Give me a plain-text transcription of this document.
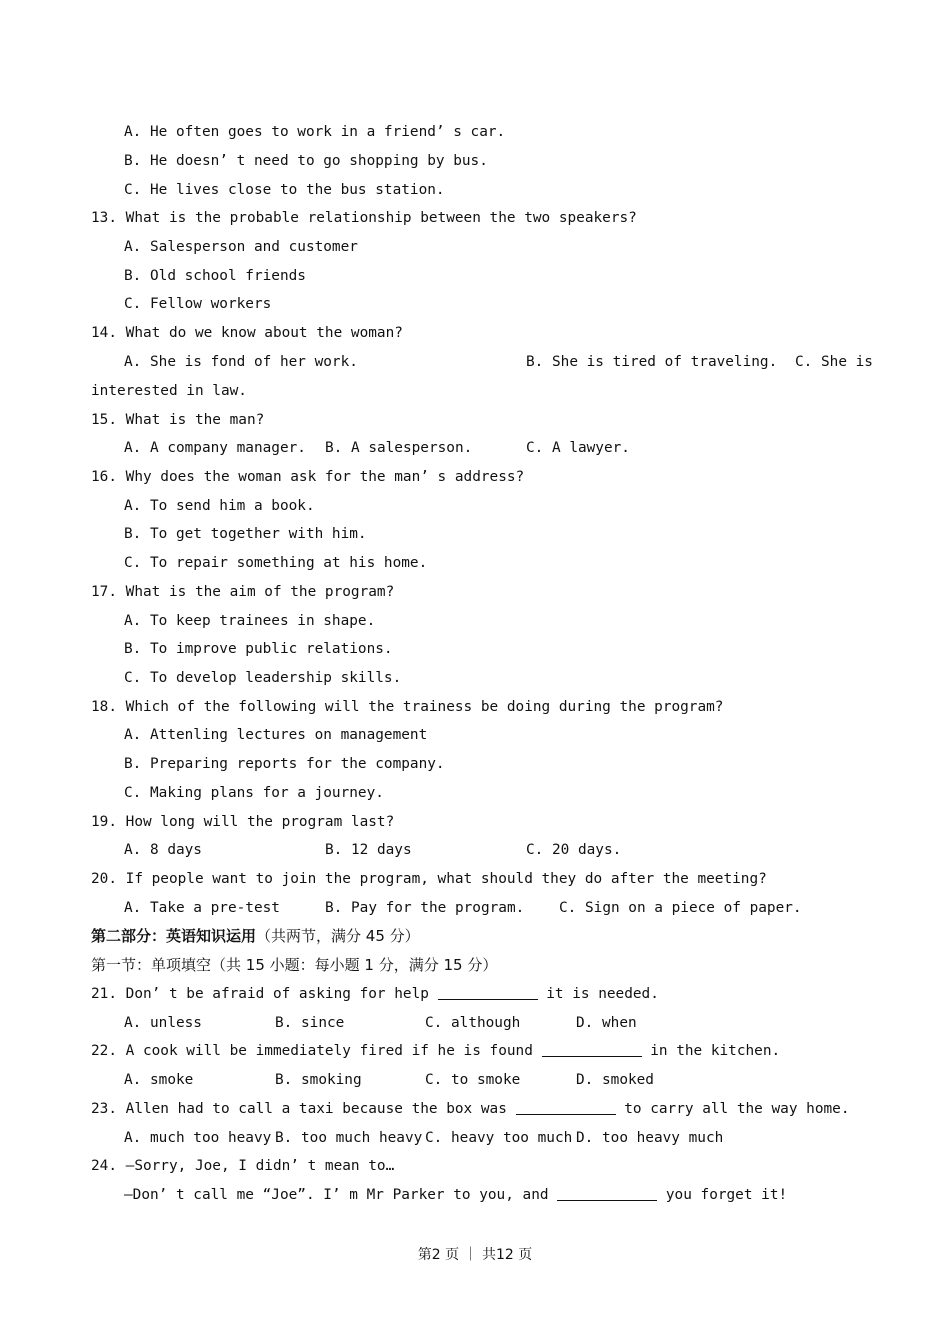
A. He often goes to work in a friend’ s car.
B. He doesn’ t need to go shopping by bus.
C. He lives close to the bus station.
13. What is the probable relationship between the two speakers?
A. Salesperson and customer
B. Old school friends
C. Fellow workers
14. What do we know about the woman?
A. She is fond of her work.	B. She is tired of traveling. C. She is
interested in law.
15. What is the man?
A. A company manager. B. A salesperson.	C. A lawyer.
16. Why does the woman ask for the man’ s address?
A. To send him a book.
B. To get together with him.
C. To repair something at his home.
17. What is the aim of the program?
A. To keep trainees in shape.
B. To improve public relations.
C. To develop leadership skills.
18. Which of the following will the trainess be doing during the program?
A. Attenling lectures on management
B. Preparing reports for the company.
C. Making plans for a journey.
19. How long will the program last?
A. 8 days	B. 12 days	C. 20 days.
20. If people want to join the program, what should they do after the meeting?
A. Take a pre-test	B. Pay for the program. C. Sign on a piece of paper.
第二部分：英语知识运用（共两节，满分 45 分）
第一节：单项填空（共 15 小题：每小题 1 分，满分 15 分）
21. Don’ t be afraid of asking for help	it is needed.
A. unless	B. since	C. although	D. when
22. A cook will be immediately fired if he is found	in the kitchen.
A. smoke	B. smoking	C. to smoke	D. smoked
23. Allen had to call a taxi because the box was	to carry all the way home.
A. much too heavy B. too much heavy C. heavy too much D. too heavy much
24. —Sorry, Joe, I didn’ t mean to…
—Don’ t call me “Joe”. I’ m Mr Parker to you, and	you forget it!
第2 页 ｜ 共12 页
